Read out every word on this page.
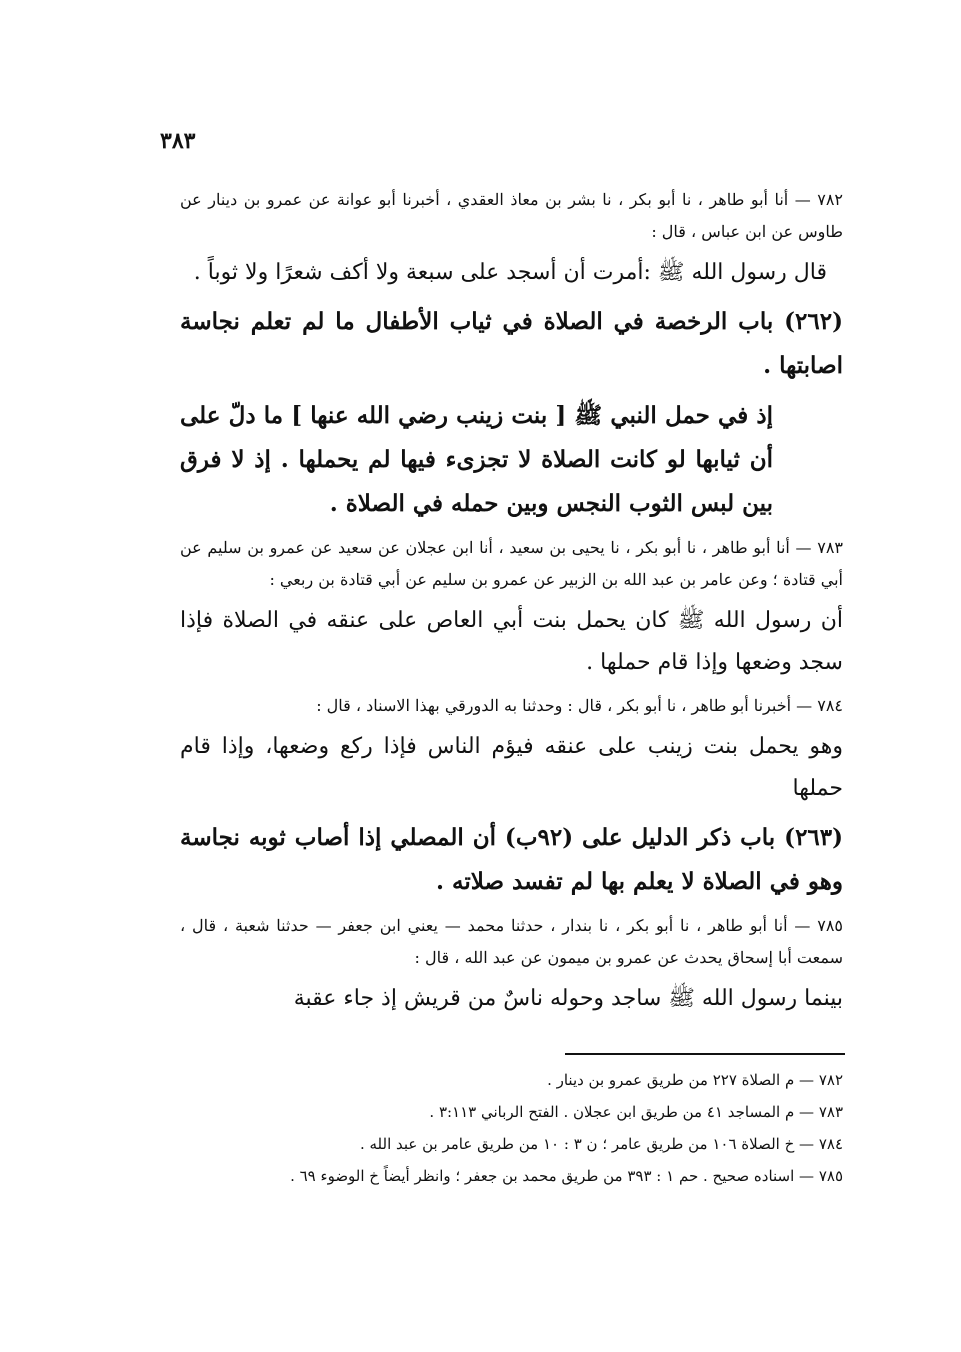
٣٨٣

٧٨٢ — أنا أبو طاهر ، نا أبو بكر ، نا بشر بن معاذ العقدي ، أخبرنا أبو عوانة عن عمرو بن دينار عن طاوس عن ابن عباس ، قال :

قال رسول الله ﷺ :أمرت أن أسجد على سبعة ولا أكف شعرًا ولا ثوباً .

(٢٦٢) باب الرخصة في الصلاة في ثياب الأطفال ما لم تعلم نجاسة اصابتها .

إذ في حمل النبي ﷺ [ بنت زينب رضي الله عنها ] ما دلّ على أن ثيابها لو كانت الصلاة لا تجزىء فيها لم يحملها . إذ لا فرق بين لبس الثوب النجس وبين حمله في الصلاة .

٧٨٣ — أنا أبو طاهر ، نا أبو بكر ، نا يحيى بن سعيد ، أنا ابن عجلان عن سعيد عن عمرو بن سليم عن أبي قتادة ؛ وعن عامر بن عبد الله بن الزبير عن عمرو بن سليم عن أبي قتادة بن ربعي :

أن رسول الله ﷺ كان يحمل بنت أبي العاص على عنقه في الصلاة فإذا سجد وضعها وإذا قام حملها .

٧٨٤ — أخبرنا أبو طاهر ، نا أبو بكر ، قال : وحدثنا به الدورقي بهذا الاسناد ، قال :

وهو يحمل بنت زينب على عنقه فيؤم الناس فإذا ركع وضعها، وإذا قام حملها

(٢٦٣) باب ذكر الدليل على (٩٢ب) أن المصلي إذا أصاب ثوبه نجاسة وهو في الصلاة لا يعلم بها لم تفسد صلاته .

٧٨٥ — أنا أبو طاهر ، نا أبو بكر ، نا بندار ، حدثنا محمد — يعني ابن جعفر — حدثنا شعبة ، قال ، سمعت أبا إسحاق يحدث عن عمرو بن ميمون عن عبد الله ، قال :

بينما رسول الله ﷺ ساجد وحوله ناسٌ من قريش إذ جاء عقبة

٧٨٢ — م الصلاة ٢٢٧ من طريق عمرو بن دينار .

٧٨٣ — م المساجد ٤١ من طريق ابن عجلان . الفتح الرباني ٣:١١٣ .

٧٨٤ — خ الصلاة ١٠٦ من طريق عامر ؛ ن ٣ : ١٠ من طريق عامر بن عبد الله .

٧٨٥ — اسناده صحيح . حم ١ : ٣٩٣ من طريق محمد بن جعفر ؛ وانظر أيضاً خ الوضوء ٦٩ .
